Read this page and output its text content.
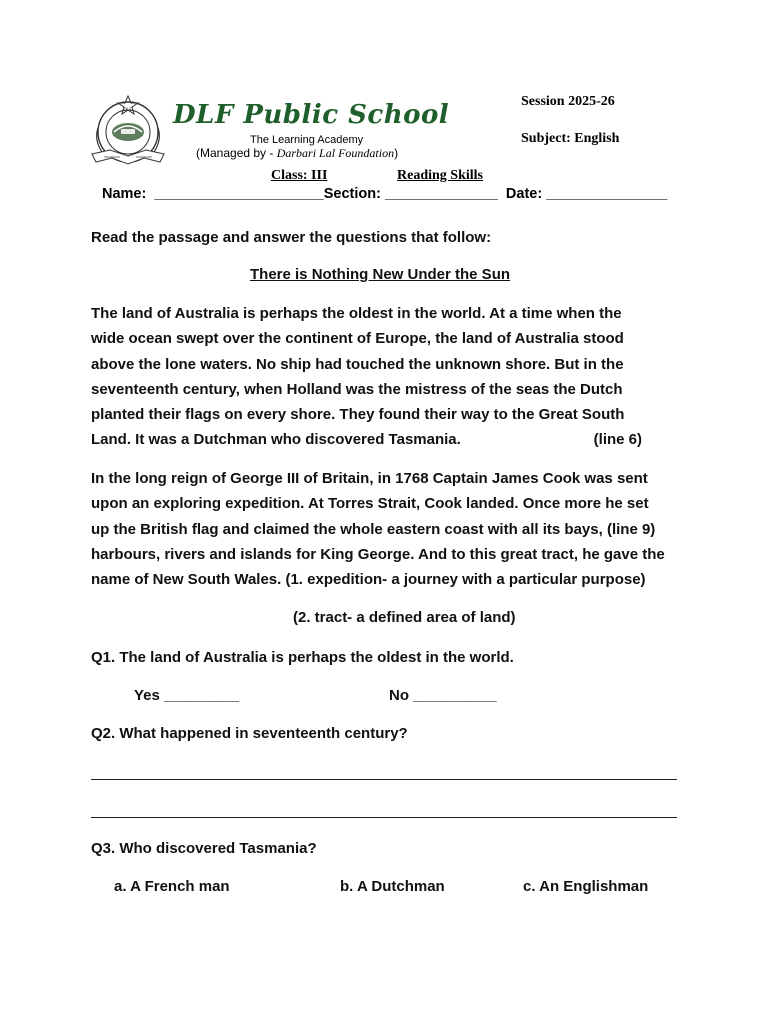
DLF DLF Public School
The Learning Academy
(Managed by - Darbari Lal Foundation)
Session 2025-26
Subject: English
Class: III	Reading Skills
Name:  _____________________Section: ______________  Date: _______________
Read the passage and answer the questions that follow:
There is Nothing New Under the Sun
The land of Australia is perhaps the oldest in the world. At a time when the
wide ocean swept over the continent of Europe, the land of Australia stood
above the lone waters. No ship had touched the unknown shore. But in the
seventeenth century, when Holland was the mistress of the seas the Dutch
planted their flags on every shore. They found their way to the Great South
Land. It was a Dutchman who discovered Tasmania.	(line 6)
In the long reign of George III of Britain, in 1768 Captain James Cook was sent
upon an exploring expedition. At Torres Strait, Cook landed. Once more he set
up the British flag and claimed the whole eastern coast with all its bays, (line 9)
harbours, rivers and islands for King George. And to this great tract, he gave the
name of New South Wales. (1. expedition- a journey with a particular purpose)
(2. tract- a defined area of land)
Q1. The land of Australia is perhaps the oldest in the world.
Yes _________	No __________
Q2. What happened in seventeenth century?
Q3. Who discovered Tasmania?
a. A French man	b. A Dutchman	c. An Englishman
